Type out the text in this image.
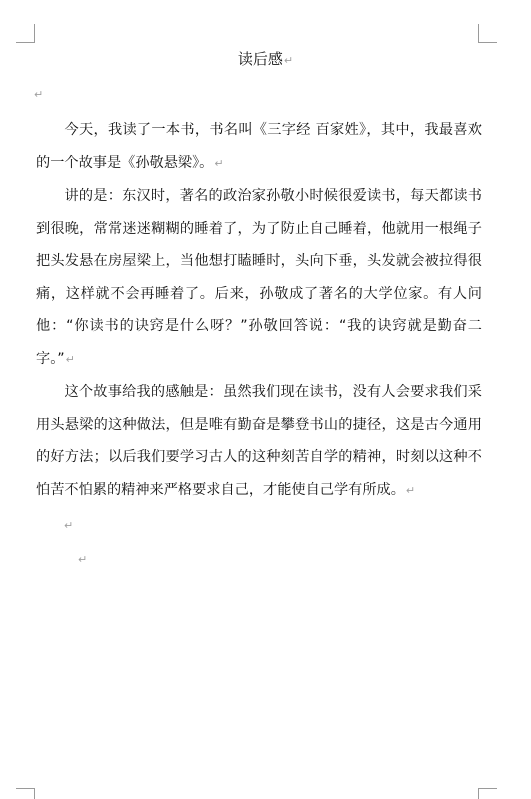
读后感↵
↵

今天，我读了一本书，书名叫《三字经 百家姓》，其中，我最喜欢的一个故事是《孙敬悬梁》。↵

讲的是：东汉时，著名的政治家孙敬小时候很爱读书，每天都读书到很晚，常常迷迷糊糊的睡着了，为了防止自己睡着，他就用一根绳子把头发悬在房屋梁上，当他想打瞌睡时，头向下垂，头发就会被拉得很痛，这样就不会再睡着了。后来，孙敬成了著名的大学位家。有人问他：“你读书的诀窍是什么呀？”孙敬回答说：“我的诀窍就是勤奋二字。”↵

这个故事给我的感触是：虽然我们现在读书，没有人会要求我们采用头悬梁的这种做法，但是唯有勤奋是攀登书山的捷径，这是古今通用的好方法；以后我们要学习古人的这种刻苦自学的精神，时刻以这种不怕苦不怕累的精神来严格要求自己，才能使自己学有所成。↵

↵
↵
